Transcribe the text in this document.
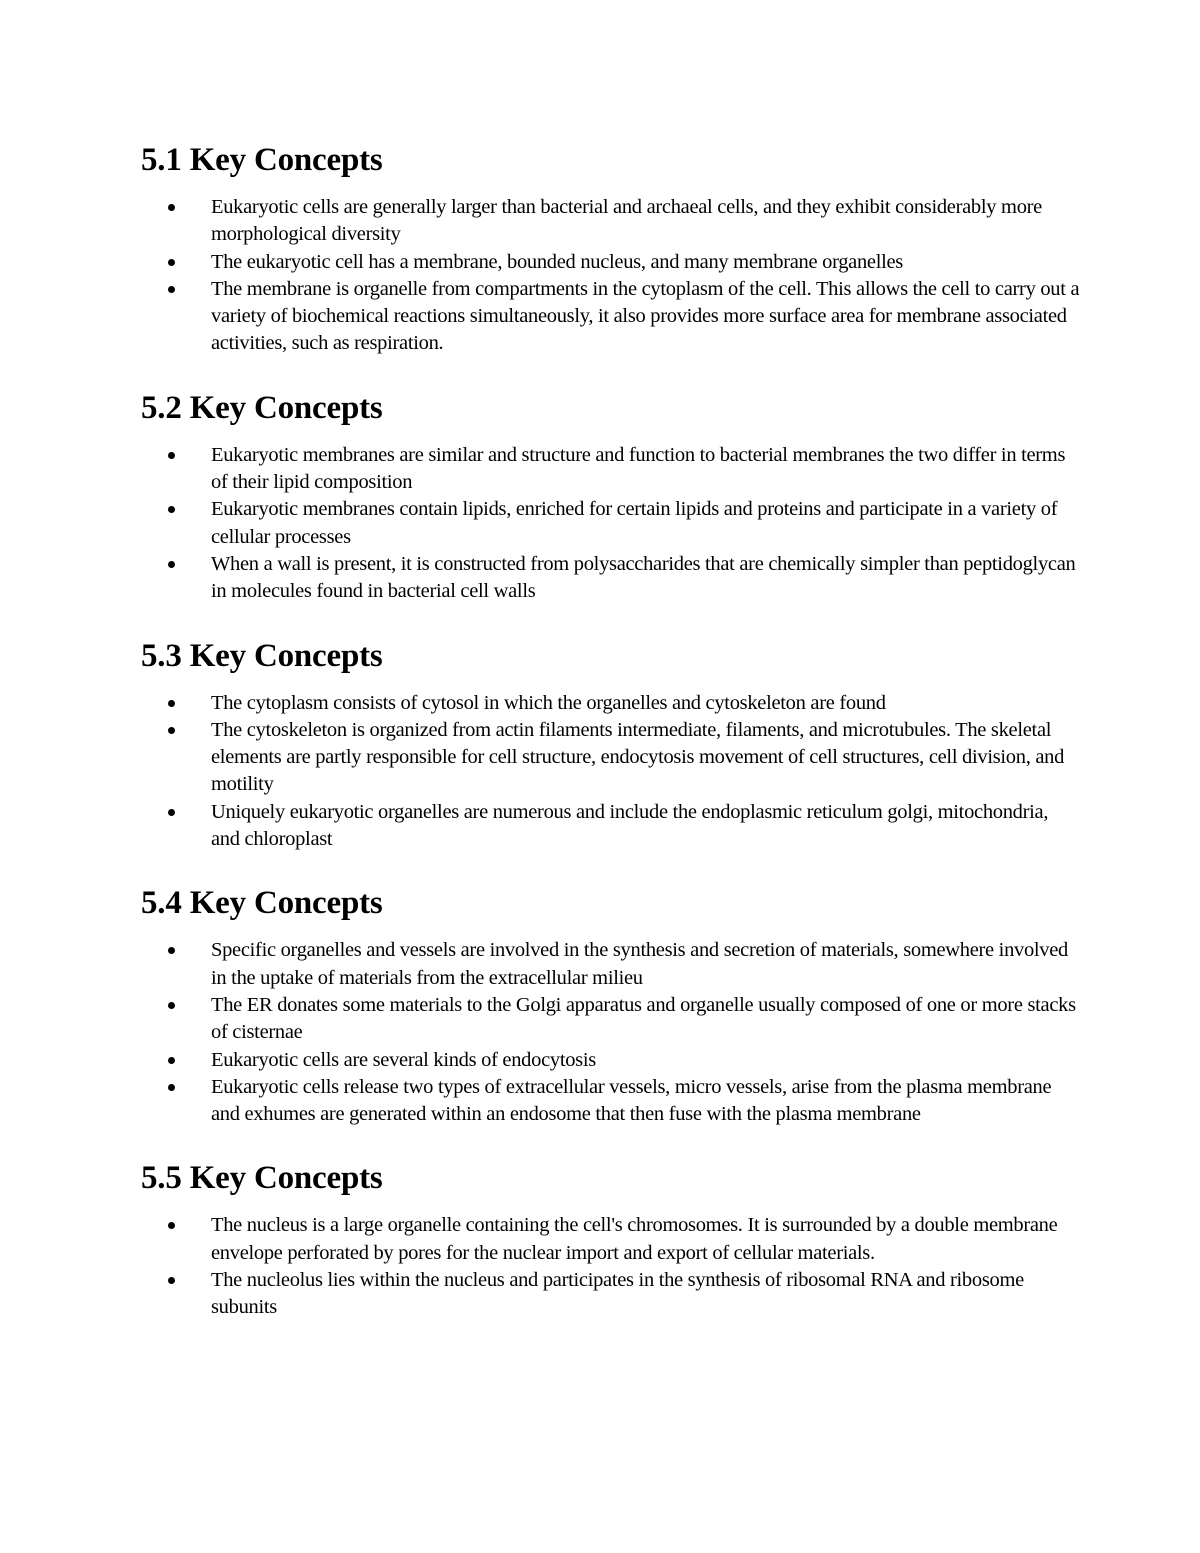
5.1 Key Concepts
Eukaryotic cells are generally larger than bacterial and archaeal cells, and they exhibit considerably more morphological diversity
The eukaryotic cell has a membrane, bounded nucleus, and many membrane organelles
The membrane is organelle from compartments in the cytoplasm of the cell. This allows the cell to carry out a variety of biochemical reactions simultaneously, it also provides more surface area for membrane associated activities, such as respiration.
5.2 Key Concepts
Eukaryotic membranes are similar and structure and function to bacterial membranes the two differ in terms of their lipid composition
Eukaryotic membranes contain lipids, enriched for certain lipids and proteins and participate in a variety of cellular processes
When a wall is present, it is constructed from polysaccharides that are chemically simpler than peptidoglycan in molecules found in bacterial cell walls
5.3 Key Concepts
The cytoplasm consists of cytosol in which the organelles and cytoskeleton are found
The cytoskeleton is organized from actin filaments intermediate, filaments, and microtubules. The skeletal elements are partly responsible for cell structure, endocytosis movement of cell structures, cell division, and motility
Uniquely eukaryotic organelles are numerous and include the endoplasmic reticulum golgi, mitochondria, and chloroplast
5.4 Key Concepts
Specific organelles and vessels are involved in the synthesis and secretion of materials, somewhere involved in the uptake of materials from the extracellular milieu
The ER donates some materials to the Golgi apparatus and organelle usually composed of one or more stacks of cisternae
Eukaryotic cells are several kinds of endocytosis
Eukaryotic cells release two types of extracellular vessels, micro vessels, arise from the plasma membrane and exhumes are generated within an endosome that then fuse with the plasma membrane
5.5 Key Concepts
The nucleus is a large organelle containing the cell's chromosomes. It is surrounded by a double membrane envelope perforated by pores for the nuclear import and export of cellular materials.
The nucleolus lies within the nucleus and participates in the synthesis of ribosomal RNA and ribosome subunits
